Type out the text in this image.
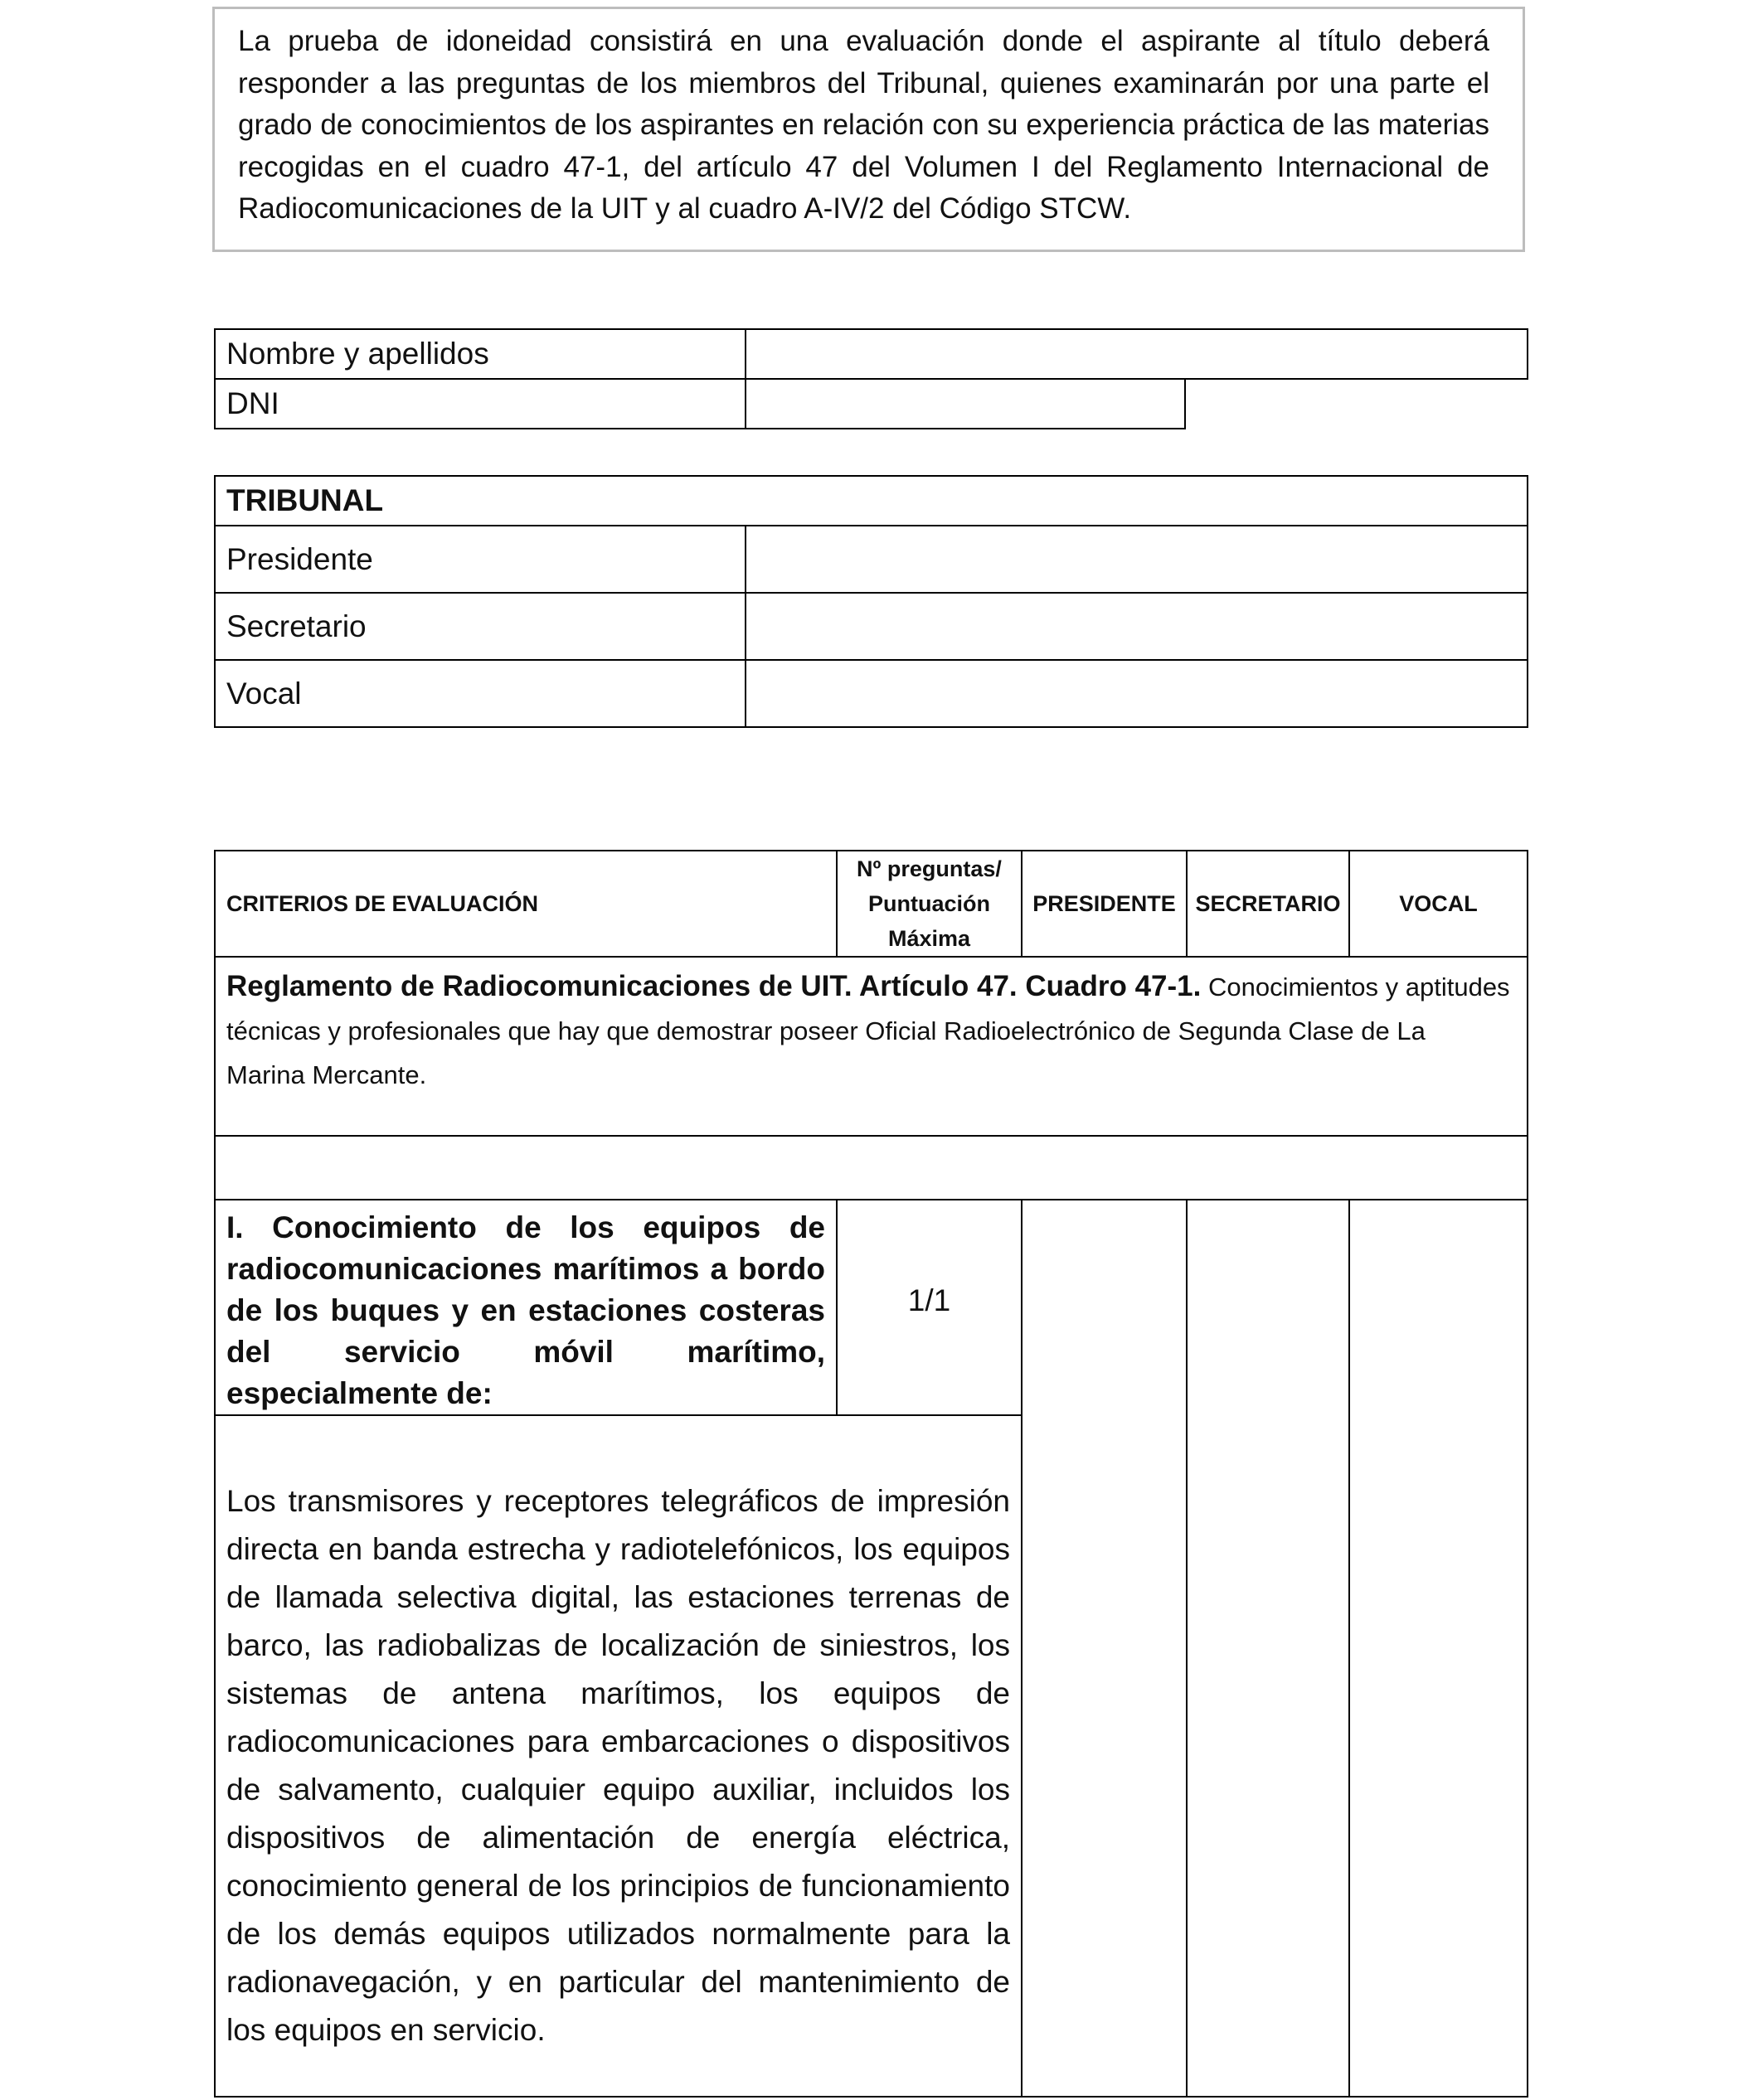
La prueba de idoneidad consistirá en una evaluación donde el aspirante al título deberá responder a las preguntas de los miembros del Tribunal, quienes examinarán por una parte el grado de conocimientos de los aspirantes en relación con su experiencia práctica de las materias recogidas en el cuadro 47-1, del artículo 47 del Volumen I del Reglamento Internacional de Radiocomunicaciones de la UIT y al cuadro A-IV/2 del Código STCW.
Nombre y apellidos		
DNI		
TRIBUNAL	
Presidente	
Secretario	
Vocal	
CRITERIOS DE EVALUACIÓN	Nº preguntas/
Puntuación
Máxima	PRESIDENTE	SECRETARIO	VOCAL
Reglamento de Radiocomunicaciones de UIT. Artículo 47. Cuadro 47-1. Conocimientos y aptitudes técnicas y profesionales que hay que demostrar poseer Oficial Radioelectrónico de Segunda Clase de La Marina Mercante.				

I. Conocimiento de los equipos de radiocomunicaciones marítimos a bordo de los buques y en estaciones costeras del servicio móvil marítimo, especialmente de:	1/1			

Los transmisores y receptores telegráficos de impresión directa en banda estrecha y radiotelefónicos, los equipos de llamada selectiva digital, las estaciones terrenas de barco, las radiobalizas de localización de siniestros, los sistemas de antena marítimos, los equipos de radiocomunicaciones para embarcaciones o dispositivos de salvamento, cualquier equipo auxiliar, incluidos los dispositivos de alimentación de energía eléctrica, conocimiento general de los principios de funcionamiento de los demás equipos utilizados normalmente para la radionavegación, y en particular del mantenimiento de los equipos en servicio.				
